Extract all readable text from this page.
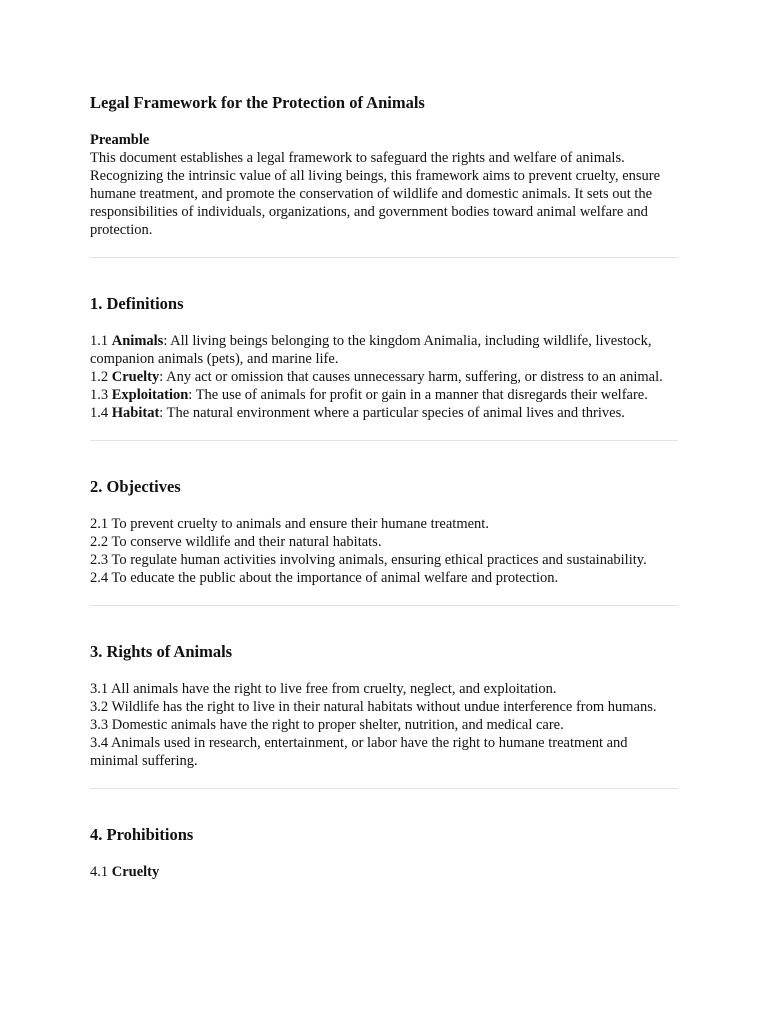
Legal Framework for the Protection of Animals

Preamble

This document establishes a legal framework to safeguard the rights and welfare of animals. Recognizing the intrinsic value of all living beings, this framework aims to prevent cruelty, ensure humane treatment, and promote the conservation of wildlife and domestic animals. It sets out the responsibilities of individuals, organizations, and government bodies toward animal welfare and protection.

1. Definitions

1.1 Animals: All living beings belonging to the kingdom Animalia, including wildlife, livestock, companion animals (pets), and marine life.

1.2 Cruelty: Any act or omission that causes unnecessary harm, suffering, or distress to an animal.

1.3 Exploitation: The use of animals for profit or gain in a manner that disregards their welfare.

1.4 Habitat: The natural environment where a particular species of animal lives and thrives.

2. Objectives

2.1 To prevent cruelty to animals and ensure their humane treatment.

2.2 To conserve wildlife and their natural habitats.

2.3 To regulate human activities involving animals, ensuring ethical practices and sustainability.

2.4 To educate the public about the importance of animal welfare and protection.

3. Rights of Animals

3.1 All animals have the right to live free from cruelty, neglect, and exploitation.

3.2 Wildlife has the right to live in their natural habitats without undue interference from humans.

3.3 Domestic animals have the right to proper shelter, nutrition, and medical care.

3.4 Animals used in research, entertainment, or labor have the right to humane treatment and minimal suffering.

4. Prohibitions

4.1 Cruelty
